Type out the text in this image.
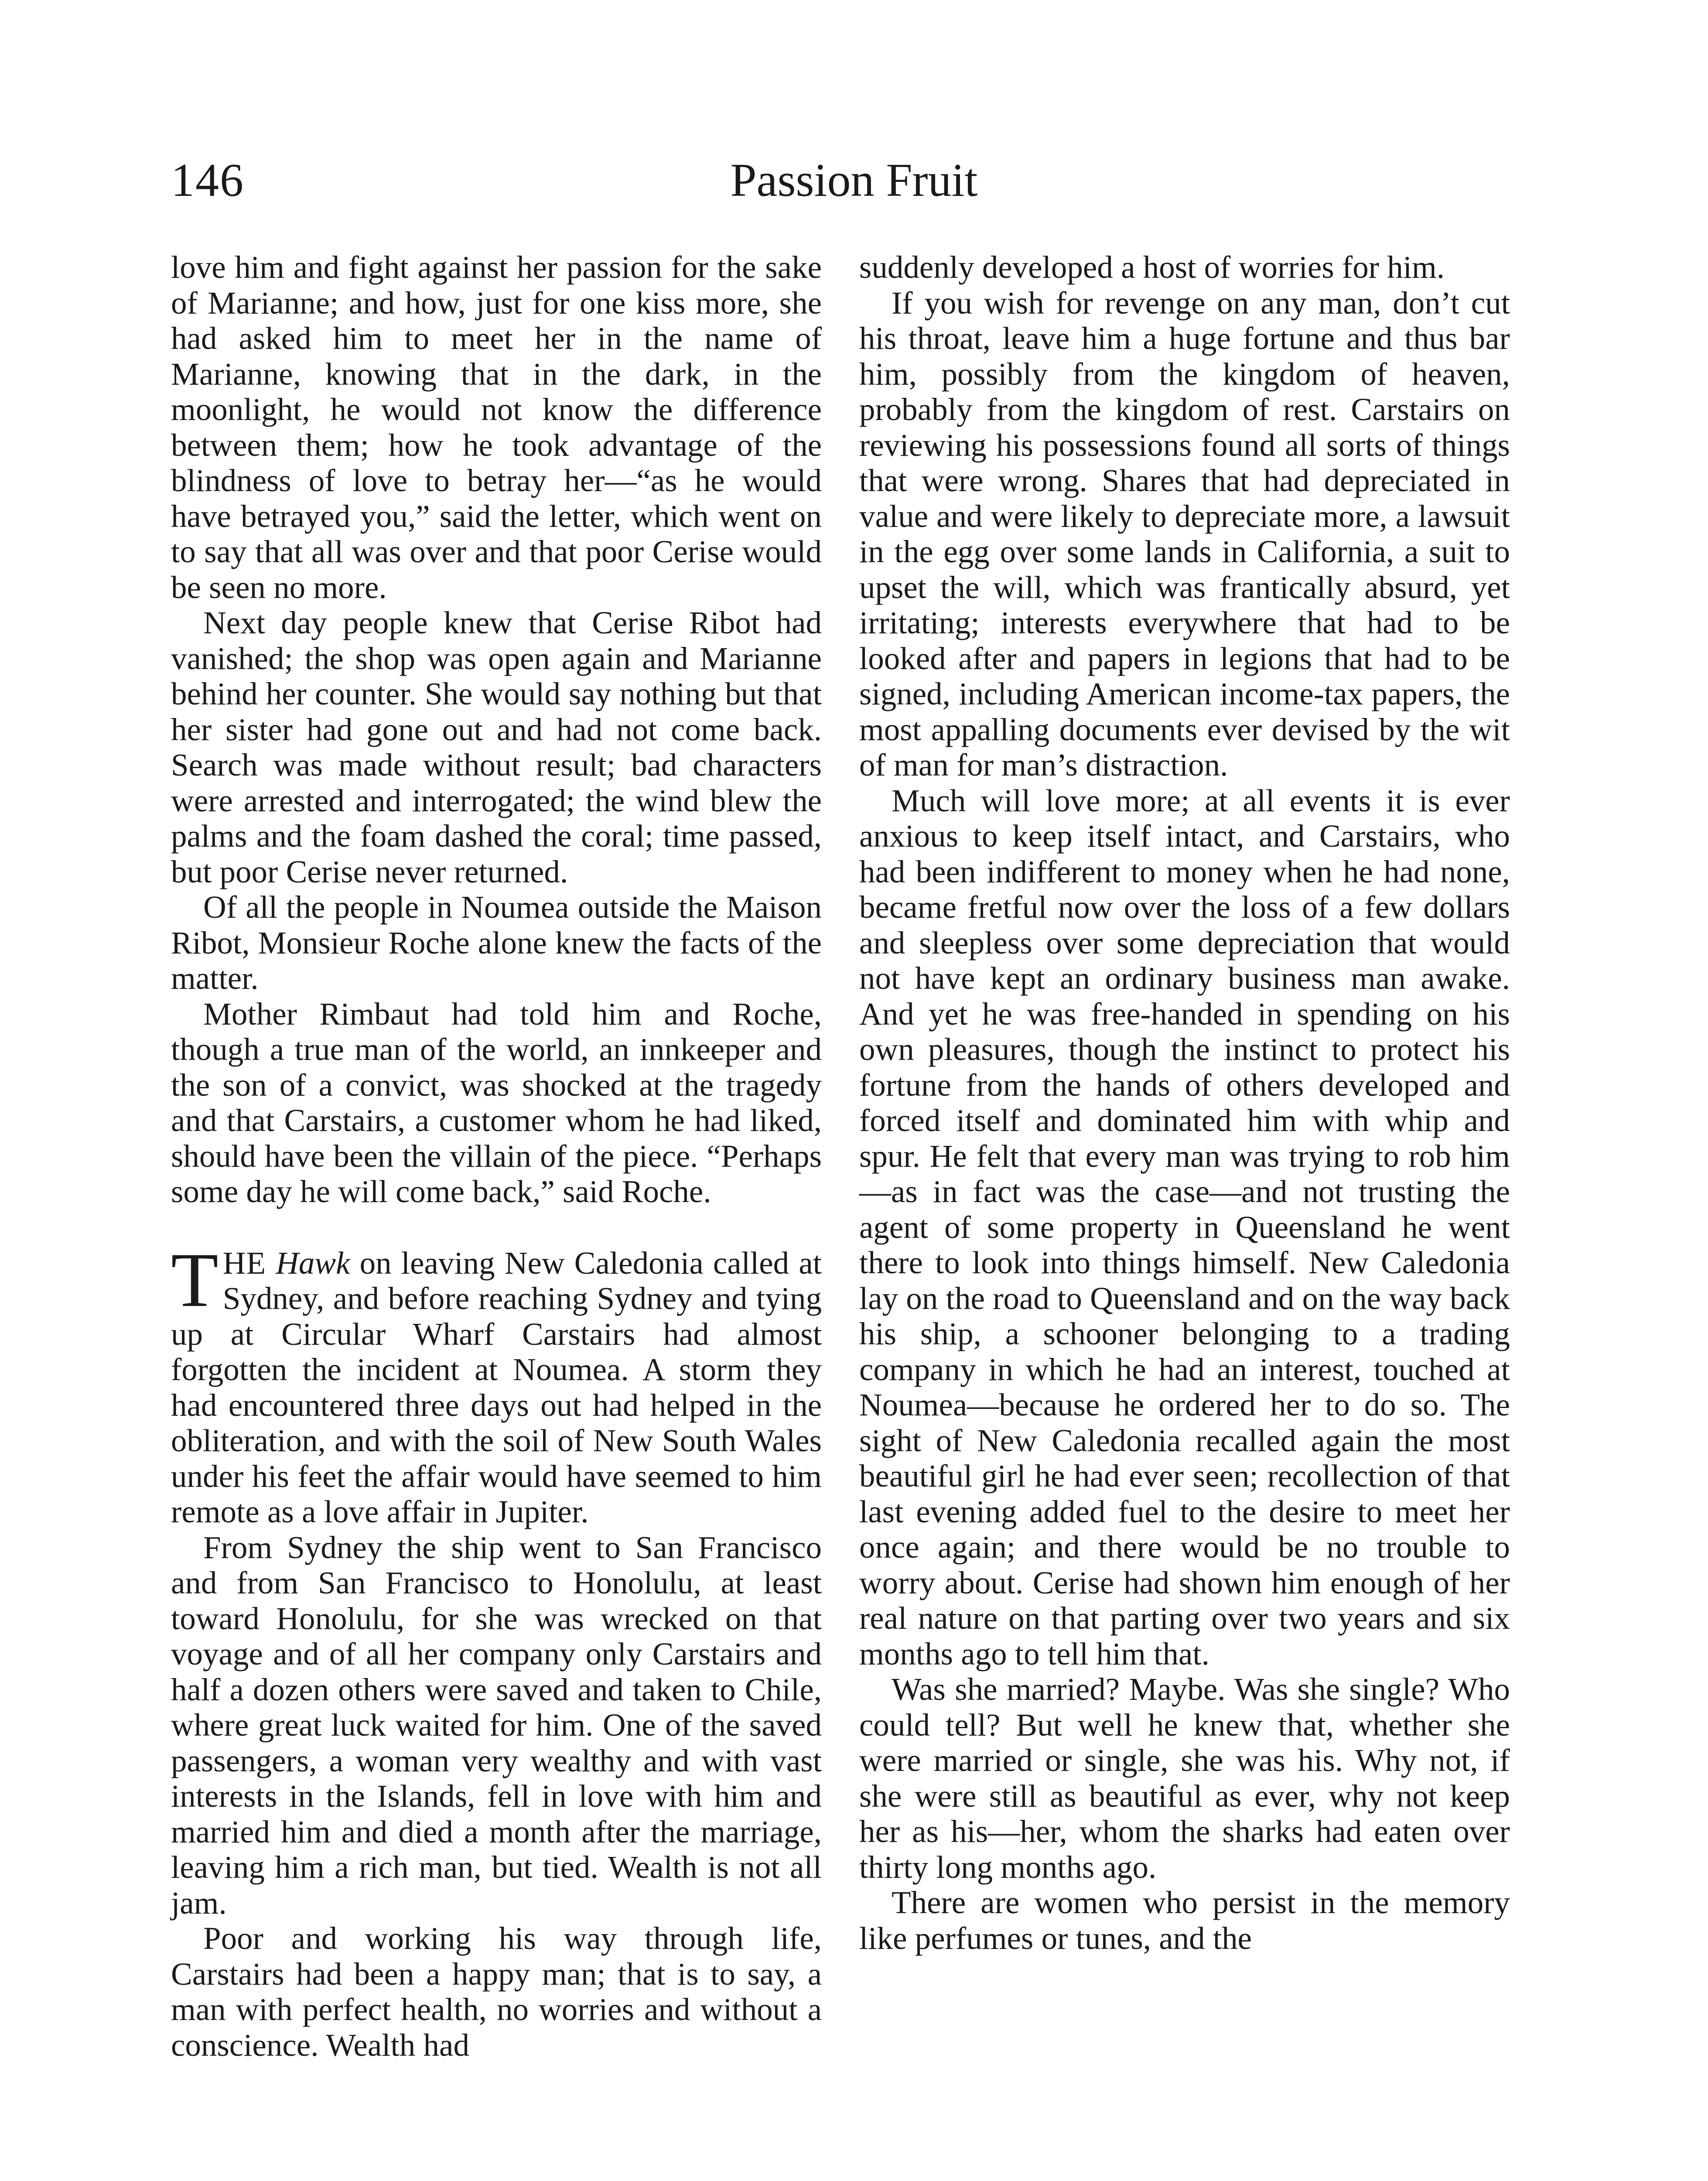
146	Passion Fruit

love him and fight against her passion for the sake of Marianne; and how, just for one kiss more, she had asked him to meet her in the name of Marianne, knowing that in the dark, in the moonlight, he would not know the difference between them; how he took advantage of the blindness of love to betray her—“as he would have betrayed you,” said the letter, which went on to say that all was over and that poor Cerise would be seen no more.

Next day people knew that Cerise Ribot had vanished; the shop was open again and Marianne behind her counter. She would say nothing but that her sister had gone out and had not come back. Search was made without result; bad characters were arrested and interrogated; the wind blew the palms and the foam dashed the coral; time passed, but poor Cerise never returned.

Of all the people in Noumea outside the Maison Ribot, Monsieur Roche alone knew the facts of the matter.

Mother Rimbaut had told him and Roche, though a true man of the world, an innkeeper and the son of a convict, was shocked at the tragedy and that Carstairs, a customer whom he had liked, should have been the villain of the piece. “Perhaps some day he will come back,” said Roche.

THE Hawk on leaving New Caledonia called at Sydney, and before reaching Sydney and tying up at Circular Wharf Carstairs had almost forgotten the incident at Noumea. A storm they had encountered three days out had helped in the obliteration, and with the soil of New South Wales under his feet the affair would have seemed to him remote as a love affair in Jupiter.

From Sydney the ship went to San Francisco and from San Francisco to Honolulu, at least toward Honolulu, for she was wrecked on that voyage and of all her company only Carstairs and half a dozen others were saved and taken to Chile, where great luck waited for him. One of the saved passengers, a woman very wealthy and with vast interests in the Islands, fell in love with him and married him and died a month after the marriage, leaving him a rich man, but tied. Wealth is not all jam.

Poor and working his way through life, Carstairs had been a happy man; that is to say, a man with perfect health, no worries and without a conscience. Wealth had

suddenly developed a host of worries for him.

If you wish for revenge on any man, don’t cut his throat, leave him a huge fortune and thus bar him, possibly from the kingdom of heaven, probably from the kingdom of rest. Carstairs on reviewing his possessions found all sorts of things that were wrong. Shares that had depreciated in value and were likely to depreciate more, a lawsuit in the egg over some lands in California, a suit to upset the will, which was frantically absurd, yet irritating; interests everywhere that had to be looked after and papers in legions that had to be signed, including American income-tax papers, the most appalling documents ever devised by the wit of man for man’s distraction.

Much will love more; at all events it is ever anxious to keep itself intact, and Carstairs, who had been indifferent to money when he had none, became fretful now over the loss of a few dollars and sleepless over some depreciation that would not have kept an ordinary business man awake. And yet he was free-handed in spending on his own pleasures, though the instinct to protect his fortune from the hands of others developed and forced itself and dominated him with whip and spur. He felt that every man was trying to rob him—as in fact was the case—and not trusting the agent of some property in Queensland he went there to look into things himself. New Caledonia lay on the road to Queensland and on the way back his ship, a schooner belonging to a trading company in which he had an interest, touched at Noumea—because he ordered her to do so. The sight of New Caledonia recalled again the most beautiful girl he had ever seen; recollection of that last evening added fuel to the desire to meet her once again; and there would be no trouble to worry about. Cerise had shown him enough of her real nature on that parting over two years and six months ago to tell him that.

Was she married? Maybe. Was she single? Who could tell? But well he knew that, whether she were married or single, she was his. Why not, if she were still as beautiful as ever, why not keep her as his—her, whom the sharks had eaten over thirty long months ago.

There are women who persist in the memory like perfumes or tunes, and the
